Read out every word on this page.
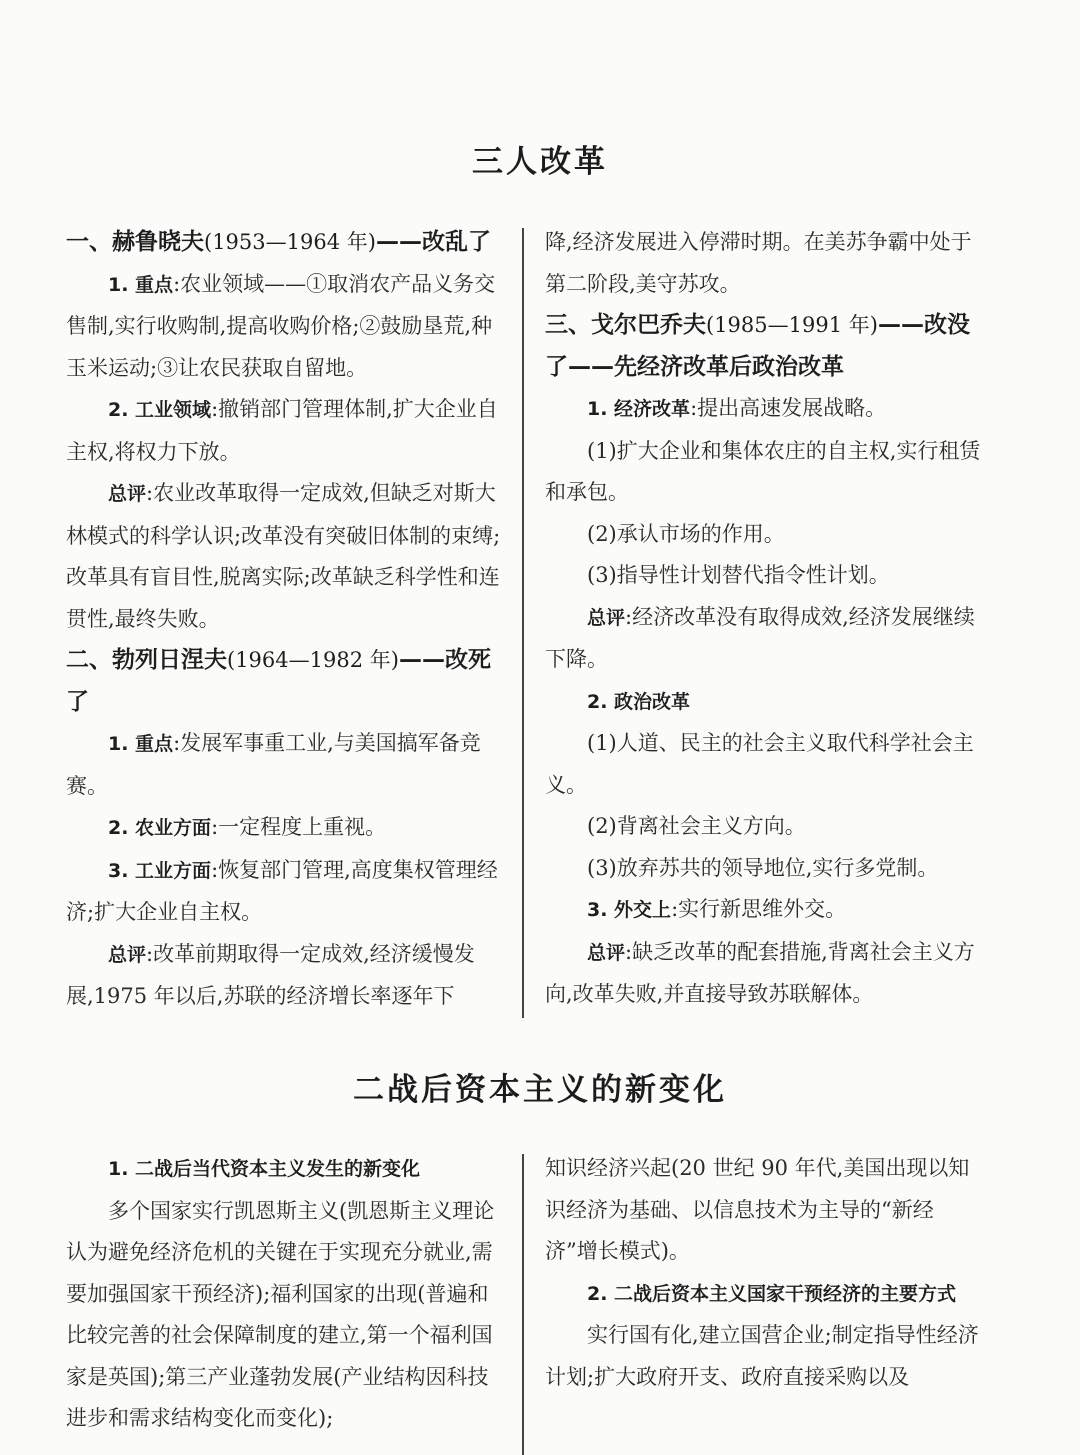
三人改革

一、赫鲁晓夫(1953—1964 年)——改乱了

1. 重点:农业领域——①取消农产品义务交售制,实行收购制,提高收购价格;②鼓励垦荒,种玉米运动;③让农民获取自留地。

2. 工业领域:撤销部门管理体制,扩大企业自主权,将权力下放。

总评:农业改革取得一定成效,但缺乏对斯大林模式的科学认识;改革没有突破旧体制的束缚;改革具有盲目性,脱离实际;改革缺乏科学性和连贯性,最终失败。

二、勃列日涅夫(1964—1982 年)——改死了

1. 重点:发展军事重工业,与美国搞军备竞赛。

2. 农业方面:一定程度上重视。

3. 工业方面:恢复部门管理,高度集权管理经济;扩大企业自主权。

总评:改革前期取得一定成效,经济缓慢发展,1975 年以后,苏联的经济增长率逐年下

降,经济发展进入停滞时期。在美苏争霸中处于第二阶段,美守苏攻。

三、戈尔巴乔夫(1985—1991 年)——改没了——先经济改革后政治改革

1. 经济改革:提出高速发展战略。

(1)扩大企业和集体农庄的自主权,实行租赁和承包。

(2)承认市场的作用。

(3)指导性计划替代指令性计划。

总评:经济改革没有取得成效,经济发展继续下降。

2. 政治改革

(1)人道、民主的社会主义取代科学社会主义。

(2)背离社会主义方向。

(3)放弃苏共的领导地位,实行多党制。

3. 外交上:实行新思维外交。

总评:缺乏改革的配套措施,背离社会主义方向,改革失败,并直接导致苏联解体。

二战后资本主义的新变化

1. 二战后当代资本主义发生的新变化

多个国家实行凯恩斯主义(凯恩斯主义理论认为避免经济危机的关键在于实现充分就业,需要加强国家干预经济);福利国家的出现(普遍和比较完善的社会保障制度的建立,第一个福利国家是英国);第三产业蓬勃发展(产业结构因科技进步和需求结构变化而变化);

知识经济兴起(20 世纪 90 年代,美国出现以知识经济为基础、以信息技术为主导的“新经济”增长模式)。

2. 二战后资本主义国家干预经济的主要方式

实行国有化,建立国营企业;制定指导性经济计划;扩大政府开支、政府直接采购以及
